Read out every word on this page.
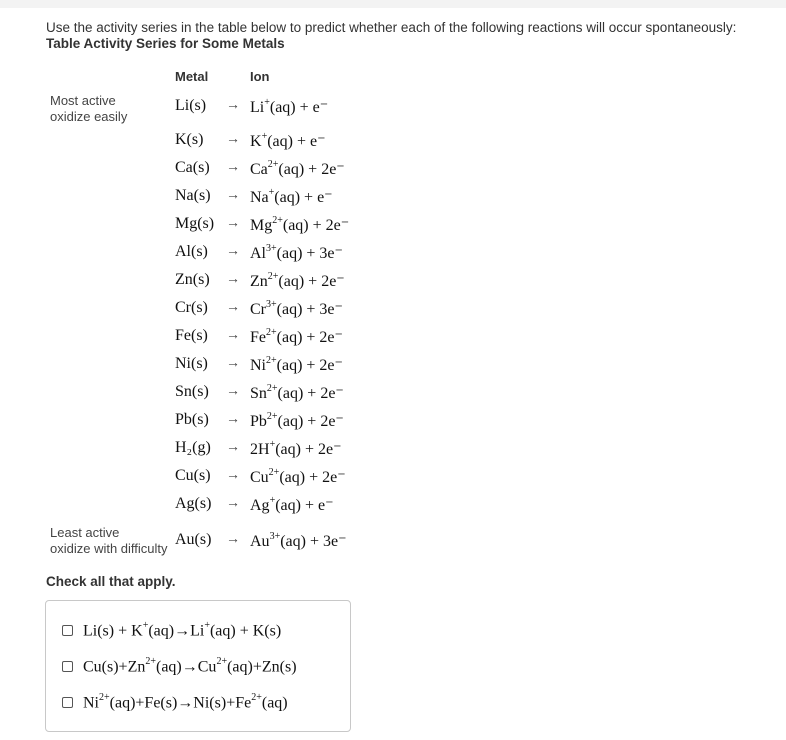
Use the activity series in the table below to predict whether each of the following reactions will occur spontaneously:
Table Activity Series for Some Metals
Metal	Ion
Most active
oxidize easily
Least active
oxidize with difficulty
Li(s) → Li+(aq) + e⁻
K(s) → K+(aq) + e⁻
$Ca(s) \to Ca^{2+}(aq) + 2e^-$
Na(s) → Na+(aq) + e⁻
$Mg(s) \to Mg^{2+}(aq) + 2e^-$
$Al(s) \to Al^{3+}(aq) + 3e^-$
$Zn(s) \to Zn^{2+}(aq) + 2e^-$
$Cr(s) \to Cr^{3+}(aq) + 3e^-$
$Fe(s) \to Fe^{2+}(aq) + 2e^-$
$Ni(s) \to Ni^{2+}(aq) + 2e^-$
$Sn(s) \to Sn^{2+}(aq) + 2e^-$
$Pb(s) \to Pb^{2+}(aq) + 2e^-$
H₂(g) → 2H+(aq) + 2e⁻
$Cu(s) \to Cu^{2+}(aq) + 2e^-$
Ag(s) → Ag+(aq) + e⁻
$Au(s) \to Au^{3+}(aq) + 3e^-$
Check all that apply.
Li(s) + K+(aq)→Li+(aq) + K(s)
$Cu(s)+Zn^{2+}(aq)\to Cu^{2+}(aq)+Zn(s)$
$Ni^{2+}(aq)+Fe(s)\to Ni(s)+Fe^{2+}(aq)$
